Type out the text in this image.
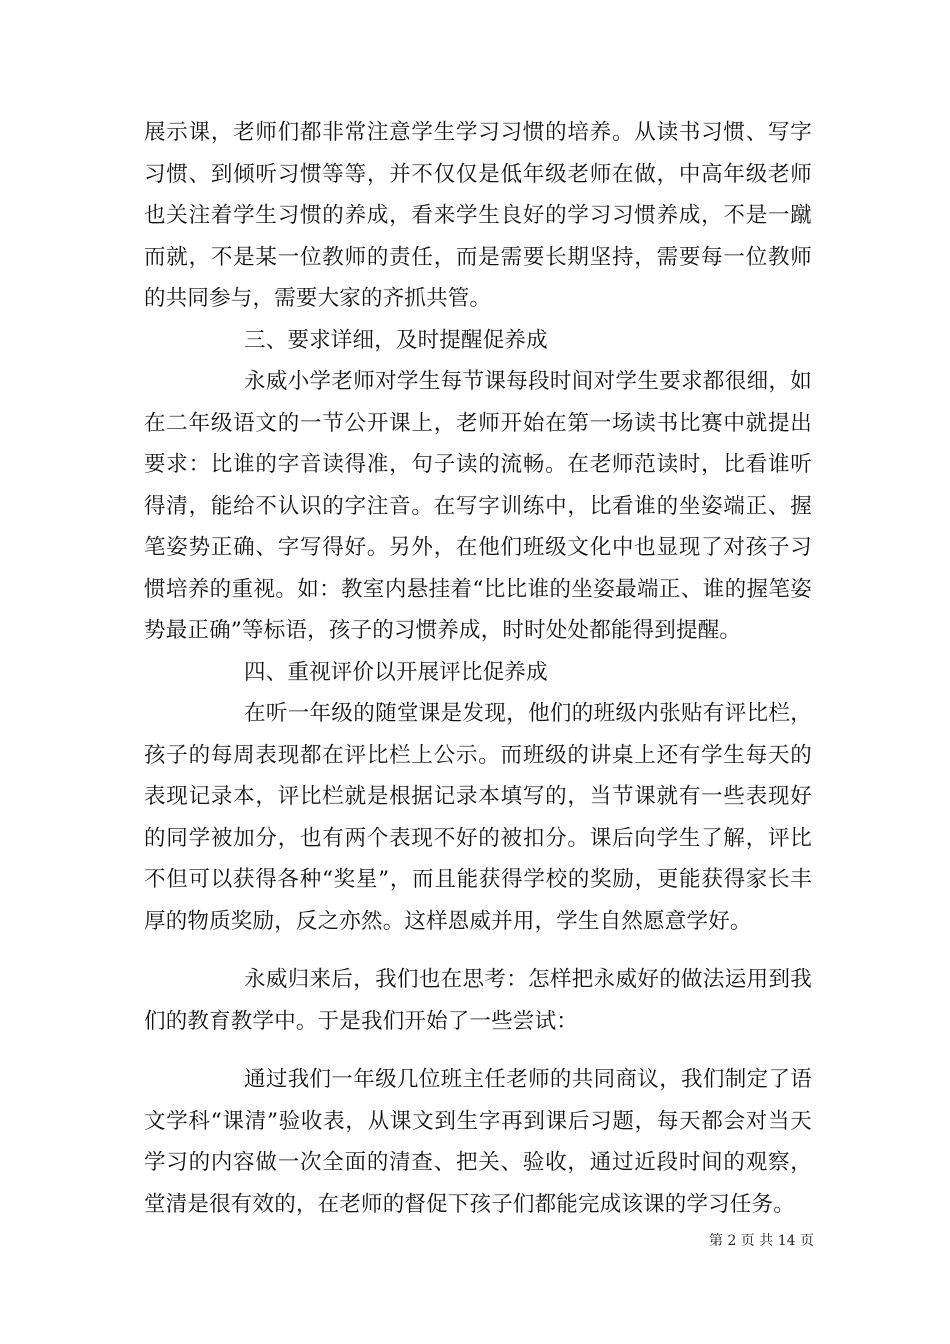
展示课，老师们都非常注意学生学习习惯的培养。从读书习惯、写字习惯、到倾听习惯等等，并不仅仅是低年级老师在做，中高年级老师也关注着学生习惯的养成，看来学生良好的学习习惯养成，不是一蹴而就，不是某一位教师的责任，而是需要长期坚持，需要每一位教师的共同参与，需要大家的齐抓共管。

三、要求详细，及时提醒促养成

永威小学老师对学生每节课每段时间对学生要求都很细，如在二年级语文的一节公开课上，老师开始在第一场读书比赛中就提出要求：比谁的字音读得准，句子读的流畅。在老师范读时，比看谁听得清，能给不认识的字注音。在写字训练中，比看谁的坐姿端正、握笔姿势正确、字写得好。另外，在他们班级文化中也显现了对孩子习惯培养的重视。如：教室内悬挂着“比比谁的坐姿最端正、谁的握笔姿势最正确”等标语，孩子的习惯养成，时时处处都能得到提醒。

四、重视评价以开展评比促养成

在听一年级的随堂课是发现，他们的班级内张贴有评比栏，孩子的每周表现都在评比栏上公示。而班级的讲桌上还有学生每天的表现记录本，评比栏就是根据记录本填写的，当节课就有一些表现好的同学被加分，也有两个表现不好的被扣分。课后向学生了解，评比不但可以获得各种“奖星”，而且能获得学校的奖励，更能获得家长丰厚的物质奖励，反之亦然。这样恩威并用，学生自然愿意学好。

永威归来后，我们也在思考：怎样把永威好的做法运用到我们的教育教学中。于是我们开始了一些尝试：

通过我们一年级几位班主任老师的共同商议，我们制定了语文学科“课清”验收表，从课文到生字再到课后习题，每天都会对当天学习的内容做一次全面的清查、把关、验收，通过近段时间的观察，堂清是很有效的，在老师的督促下孩子们都能完成该课的学习任务。

第 2 页 共 14 页
